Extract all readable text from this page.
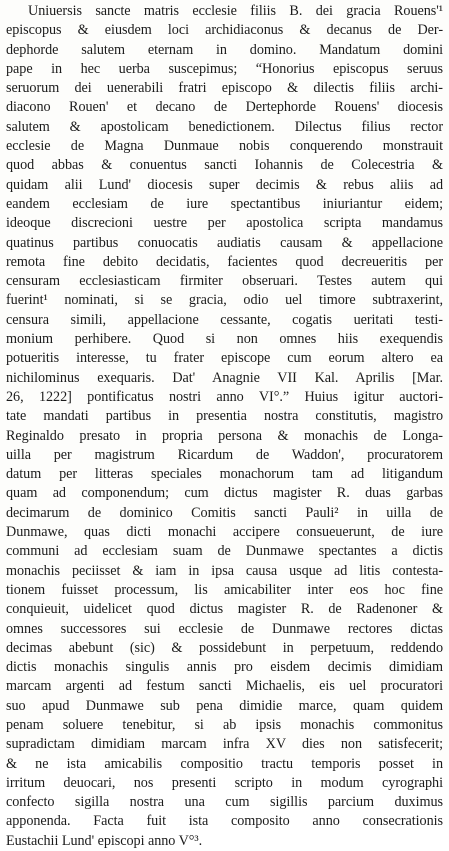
Uniuersis sancte matris ecclesie filiis B. dei gracia Rouens'¹
episcopus & eiusdem loci archidiaconus & decanus de Der-
dephorde salutem eternam in domino. Mandatum domini
pape in hec uerba suscepimus; “Honorius episcopus seruus
seruorum dei uenerabili fratri episcopo & dilectis filiis archi-
diacono Rouen' et decano de Dertephorde Rouens' diocesis
salutem & apostolicam benedictionem. Dilectus filius rector
ecclesie de Magna Dunmaue nobis conquerendo monstrauit
quod abbas & conuentus sancti Iohannis de Colecestria &
quidam alii Lund' diocesis super decimis & rebus aliis ad
eandem ecclesiam de iure spectantibus iniuriantur eidem;
ideoque discrecioni uestre per apostolica scripta mandamus
quatinus partibus conuocatis audiatis causam & appellacione
remota fine debito decidatis, facientes quod decreueritis per
censuram ecclesiasticam firmiter obseruari. Testes autem qui
fuerint¹ nominati, si se gracia, odio uel timore subtraxerint,
censura simili, appellacione cessante, cogatis ueritati testi-
monium perhibere. Quod si non omnes hiis exequendis
potueritis interesse, tu frater episcope cum eorum altero ea
nichilominus exequaris. Dat' Anagnie VII Kal. Aprilis [Mar.
26, 1222] pontificatus nostri anno VI°.” Huius igitur auctori-
tate mandati partibus in presentia nostra constitutis, magistro
Reginaldo presato in propria persona & monachis de Longa-
uilla per magistrum Ricardum de Waddon', procuratorem
datum per litteras speciales monachorum tam ad litigandum
quam ad componendum; cum dictus magister R. duas garbas
decimarum de dominico Comitis sancti Pauli² in uilla de
Dunmawe, quas dicti monachi accipere consueuerunt, de iure
communi ad ecclesiam suam de Dunmawe spectantes a dictis
monachis peciisset & iam in ipsa causa usque ad litis contesta-
tionem fuisset processum, lis amicabiliter inter eos hoc fine
conquieuit, uidelicet quod dictus magister R. de Radenoner &
omnes successores sui ecclesie de Dunmawe rectores dictas
decimas abebunt (sic) & possidebunt in perpetuum, reddendo
dictis monachis singulis annis pro eisdem decimis dimidiam
marcam argenti ad festum sancti Michaelis, eis uel procuratori
suo apud Dunmawe sub pena dimidie marce, quam quidem
penam soluere tenebitur, si ab ipsis monachis commonitus
supradictam dimidiam marcam infra XV dies non satisfecerit;
& ne ista amicabilis compositio tractu temporis posset in
irritum deuocari, nos presenti scripto in modum cyrographi
confecto sigilla nostra una cum sigillis parcium duximus
apponenda. Facta fuit ista composito anno consecrationis
Eustachii Lund' episcopi anno V°³.
